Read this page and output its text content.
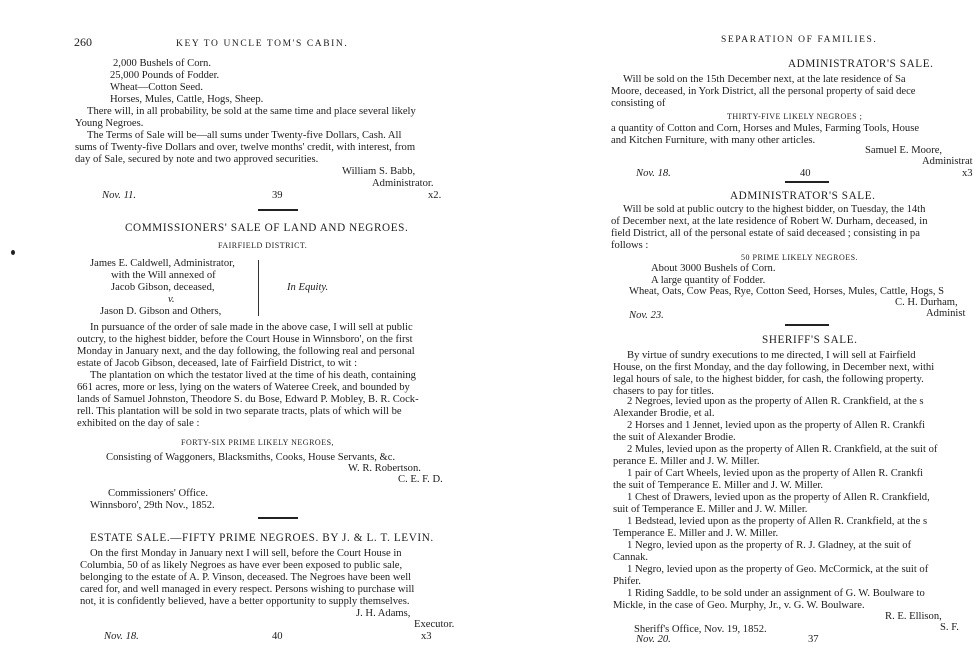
260	KEY TO UNCLE TOM'S CABIN.
2,000 Bushels of Corn.
25,000 Pounds of Fodder.
Wheat—Cotton Seed.
Horses, Mules, Cattle, Hogs, Sheep.
There will, in all probability, be sold at the same time and place several likely
Young Negroes.
The Terms of Sale will be—all sums under Twenty-five Dollars, Cash. All
sums of Twenty-five Dollars and over, twelve months' credit, with interest, from
day of Sale, secured by note and two approved securities.
William S. Babb,
Administrator.
Nov. 11.	39	x2.
COMMISSIONERS' SALE OF LAND AND NEGROES.
FAIRFIELD DISTRICT.
James E. Caldwell, Administrator,
with the Will annexed of
Jacob Gibson, deceased,
v.
Jason D. Gibson and Others,
In Equity.
In pursuance of the order of sale made in the above case, I will sell at public
outcry, to the highest bidder, before the Court House in Winnsboro', on the first
Monday in January next, and the day following, the following real and personal
estate of Jacob Gibson, deceased, late of Fairfield District, to wit :
The plantation on which the testator lived at the time of his death, containing
661 acres, more or less, lying on the waters of Wateree Creek, and bounded by
lands of Samuel Johnston, Theodore S. du Bose, Edward P. Mobley, B. R. Cock-
rell. This plantation will be sold in two separate tracts, plats of which will be
exhibited on the day of sale :
FORTY-SIX PRIME LIKELY NEGROES,
Consisting of Waggoners, Blacksmiths, Cooks, House Servants, &c.
W. R. Robertson.
C. E. F. D.
Commissioners' Office.
Winnsboro', 29th Nov., 1852.
ESTATE SALE.—FIFTY PRIME NEGROES. BY J. & L. T. LEVIN.
On the first Monday in January next I will sell, before the Court House in
Columbia, 50 of as likely Negroes as have ever been exposed to public sale,
belonging to the estate of A. P. Vinson, deceased. The Negroes have been well
cared for, and well managed in every respect. Persons wishing to purchase will
not, it is confidently believed, have a better opportunity to supply themselves.
J. H. Adams,
Executor.
Nov. 18.	40	x3
SEPARATION OF FAMILIES.
ADMINISTRATOR'S SALE.
Will be sold on the 15th December next, at the late residence of Sa
Moore, deceased, in York District, all the personal property of said dece
consisting of
THIRTY-FIVE LIKELY NEGROES ;
a quantity of Cotton and Corn, Horses and Mules, Farming Tools, House
and Kitchen Furniture, with many other articles.
Samuel E. Moore,
Administrat
Nov. 18.	40	x3
ADMINISTRATOR'S SALE.
Will be sold at public outcry to the highest bidder, on Tuesday, the 14th
of December next, at the late residence of Robert W. Durham, deceased, in
field District, all of the personal estate of said deceased ; consisting in pa
follows :
50 PRIME LIKELY NEGROES.
About 3000 Bushels of Corn.
A large quantity of Fodder.
Wheat, Oats, Cow Peas, Rye, Cotton Seed, Horses, Mules, Cattle, Hogs, S
C. H. Durham,
Administ
Nov. 23.
SHERIFF'S SALE.
By virtue of sundry executions to me directed, I will sell at Fairfield
House, on the first Monday, and the day following, in December next, withi
legal hours of sale, to the highest bidder, for cash, the following property.
chasers to pay for titles.
2 Negroes, levied upon as the property of Allen R. Crankfield, at the s
Alexander Brodie, et al.
2 Horses and 1 Jennet, levied upon as the property of Allen R. Crankfi
the suit of Alexander Brodie.
2 Mules, levied upon as the property of Allen R. Crankfield, at the suit of
perance E. Miller and J. W. Miller.
1 pair of Cart Wheels, levied upon as the property of Allen R. Crankfi
the suit of Temperance E. Miller and J. W. Miller.
1 Chest of Drawers, levied upon as the property of Allen R. Crankfield,
suit of Temperance E. Miller and J. W. Miller.
1 Bedstead, levied upon as the property of Allen R. Crankfield, at the s
Temperance E. Miller and J. W. Miller.
1 Negro, levied upon as the property of R. J. Gladney, at the suit of
Cannak.
1 Negro, levied upon as the property of Geo. McCormick, at the suit of
Phifer.
1 Riding Saddle, to be sold under an assignment of G. W. Boulware to
Mickle, in the case of Geo. Murphy, Jr., v. G. W. Boulware.
R. E. Ellison,
S. F.
Sheriff's Office, Nov. 19, 1852.
Nov. 20.	37
